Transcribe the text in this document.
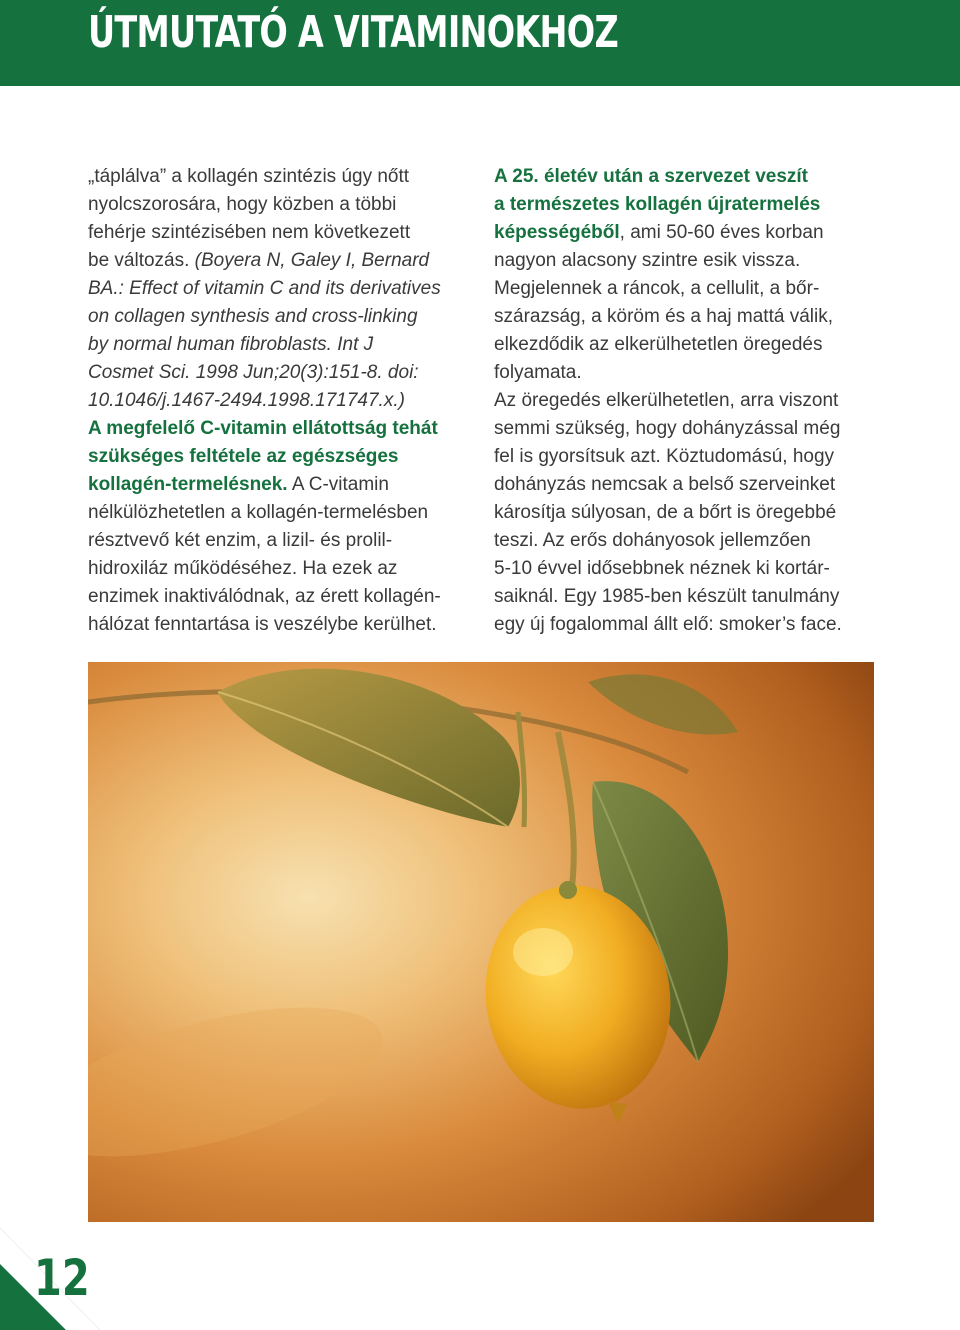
ÚTMUTATÓ A VITAMINOKHOZ

„táplálva” a kollagén szintézis úgy nőtt

nyolcszorosára, hogy közben a többi

fehérje szintézisében nem következett

be változás. (Boyera N, Galey I, Bernard

BA.: Effect of vitamin C and its derivatives

on collagen synthesis and cross-linking

by normal human fibroblasts. Int J

Cosmet Sci. 1998 Jun;20(3):151-8. doi:

10.1046/j.1467-2494.1998.171747.x.)

A megfelelő C-vitamin ellátottság tehát

szükséges feltétele az egészséges

kollagén-termelésnek. A C-vitamin

nélkülözhetetlen a kollagén-termelésben

résztvevő két enzim, a lizil- és prolil-

hidroxiláz működéséhez. Ha ezek az

enzimek inaktiválódnak, az érett kollagén-

hálózat fenntartása is veszélybe kerülhet.

A 25. életév után a szervezet veszít

a természetes kollagén újratermelés

képességéből, ami 50-60 éves korban

nagyon alacsony szintre esik vissza.

Megjelennek a ráncok, a cellulit, a bőr-

szárazság, a köröm és a haj mattá válik,

elkezdődik az elkerülhetetlen öregedés

folyamata.

Az öregedés elkerülhetetlen, arra viszont

semmi szükség, hogy dohányzással még

fel is gyorsítsuk azt. Köztudomású, hogy

dohányzás nemcsak a belső szerveinket

károsítja súlyosan, de a bőrt is öregebbé

teszi. Az erős dohányosok jellemzően

5-10 évvel idősebbnek néznek ki kortár-

saiknál. Egy 1985-ben készült tanulmány

egy új fogalommal állt elő: smoker’s face.

12
